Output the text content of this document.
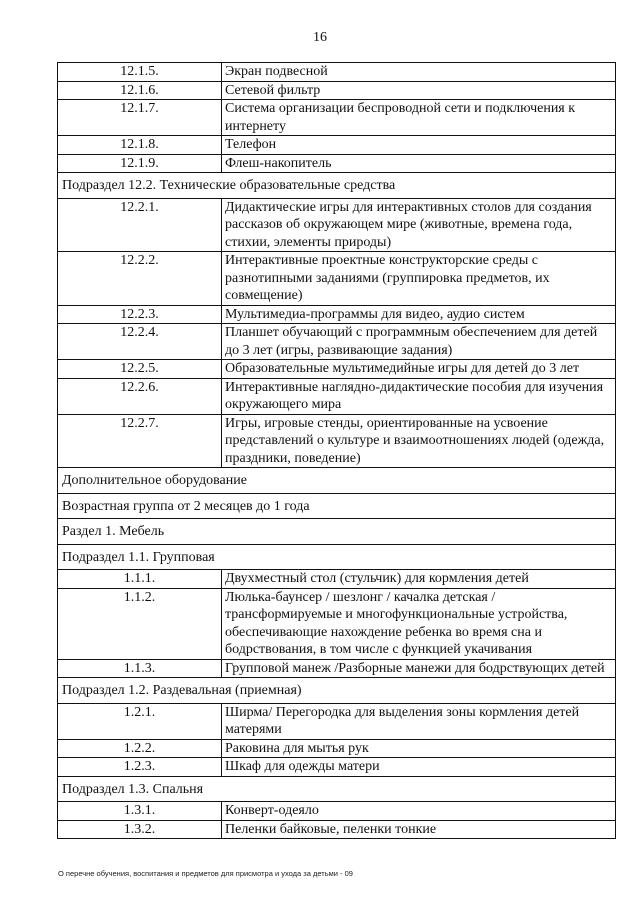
16
12.1.5.	Экран подвесной
12.1.6.	Сетевой фильтр
12.1.7.	Система организации беспроводной сети и подключения к интернету
12.1.8.	Телефон
12.1.9.	Флеш-накопитель
Подраздел 12.2. Технические образовательные средства	
12.2.1.	Дидактические игры для интерактивных столов для создания рассказов об окружающем мире (животные, времена года, стихии, элементы природы)
12.2.2.	Интерактивные проектные конструкторские среды с разнотипными заданиями (группировка предметов, их совмещение)
12.2.3.	Мультимедиа-программы для видео, аудио систем
12.2.4.	Планшет обучающий с программным обеспечением для детей до 3 лет (игры, развивающие задания)
12.2.5.	Образовательные мультимедийные игры для детей до 3 лет
12.2.6.	Интерактивные наглядно-дидактические пособия для изучения окружающего мира
12.2.7.	Игры, игровые стенды, ориентированные на усвоение представлений о культуре и взаимоотношениях людей (одежда, праздники, поведение)
Дополнительное оборудование	
Возрастная группа от 2 месяцев до 1 года	
Раздел 1. Мебель	
Подраздел 1.1. Групповая	
1.1.1.	Двухместный стол (стульчик) для кормления детей
1.1.2.	Люлька-баунсер / шезлонг / качалка детская / трансформируемые и многофункциональные устройства, обеспечивающие нахождение ребенка во время сна и бодрствования, в том числе с функцией укачивания
1.1.3.	Групповой манеж /Разборные манежи для бодрствующих детей
Подраздел 1.2. Раздевальная (приемная)	
1.2.1.	Ширма/ Перегородка для выделения зоны кормления детей матерями
1.2.2.	Раковина для мытья рук
1.2.3.	Шкаф для одежды матери
Подраздел 1.3. Спальня	
1.3.1.	Конверт-одеяло
1.3.2.	Пеленки байковые, пеленки тонкие
О перечне обучения, воспитания и предметов для присмотра и ухода за детьми - 09
